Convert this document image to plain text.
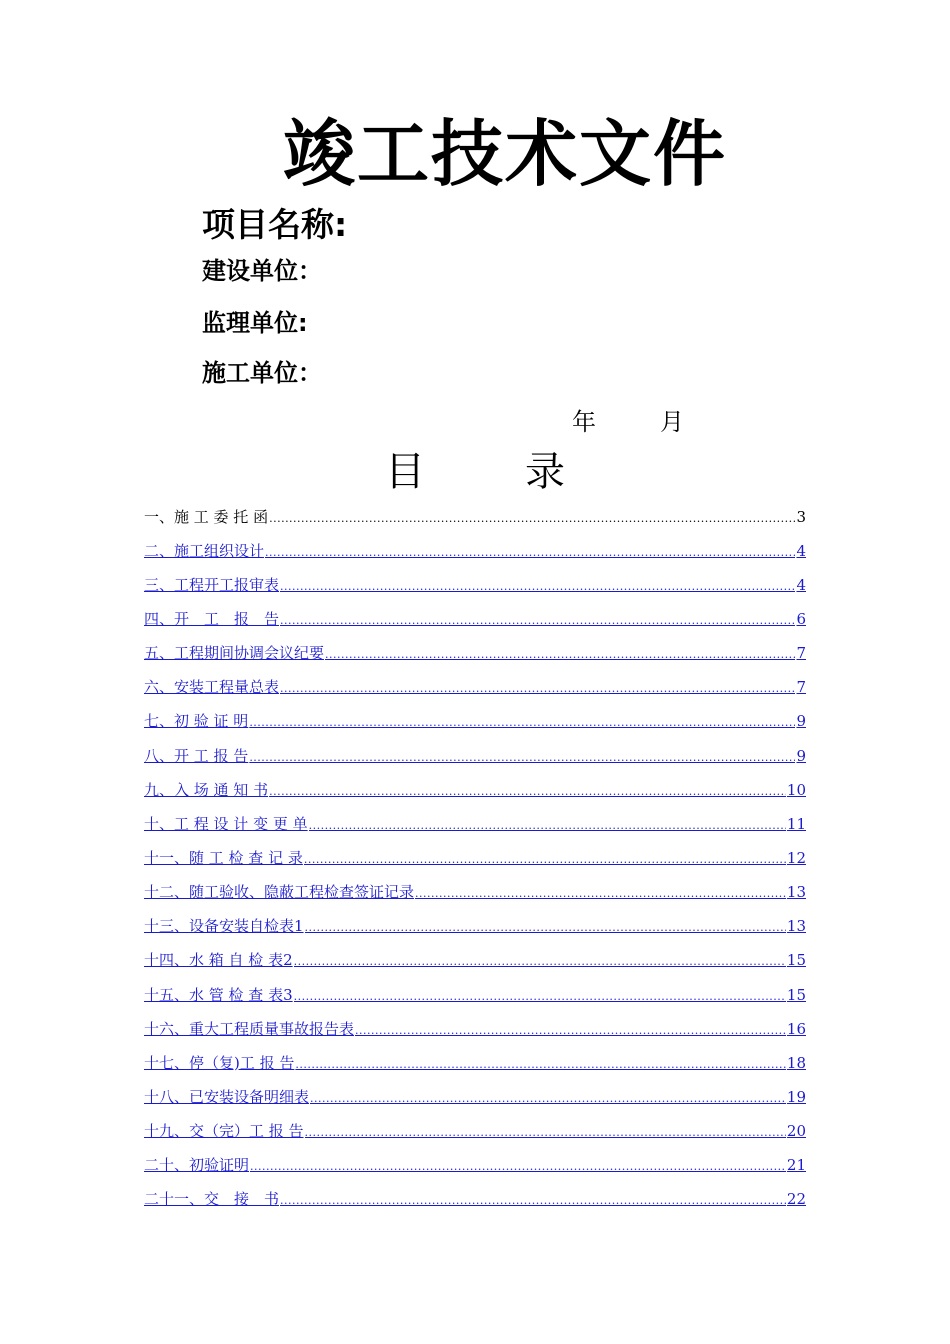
竣工技术文件
项目名称:
建设单位：
监理单位:
施工单位：
年	月
目	录
一、施 工 委 托 函 .....	3
二、施工组织设计 .....	4
三、工程开工报审表 .....	4
四、开　工　报　告 .....	6
五、工程期间协调会议纪要 .....	7
六、安装工程量总表 .....	7
七、初 验 证 明 .....	9
八、开 工 报 告 .....	9
九、入 场 通 知 书 .....	10
十、工 程 设 计 变 更 单 .....	11
十一、随 工 检 查 记 录 .....	12
十二、随工验收、隐蔽工程检查签证记录 .....	13
十三、设备安装自检表1 .....	13
十四、水 箱 自 检 表2 .....	15
十五、水 管 检 查 表3 .....	15
十六、重大工程质量事故报告表 .....	16
十七、停（复)工 报 告 .....	18
十八、已安装设备明细表 .....	19
十九、交（完）工 报 告 .....	20
二十、初验证明 .....	21
二十一、交　接　书 .....	22
